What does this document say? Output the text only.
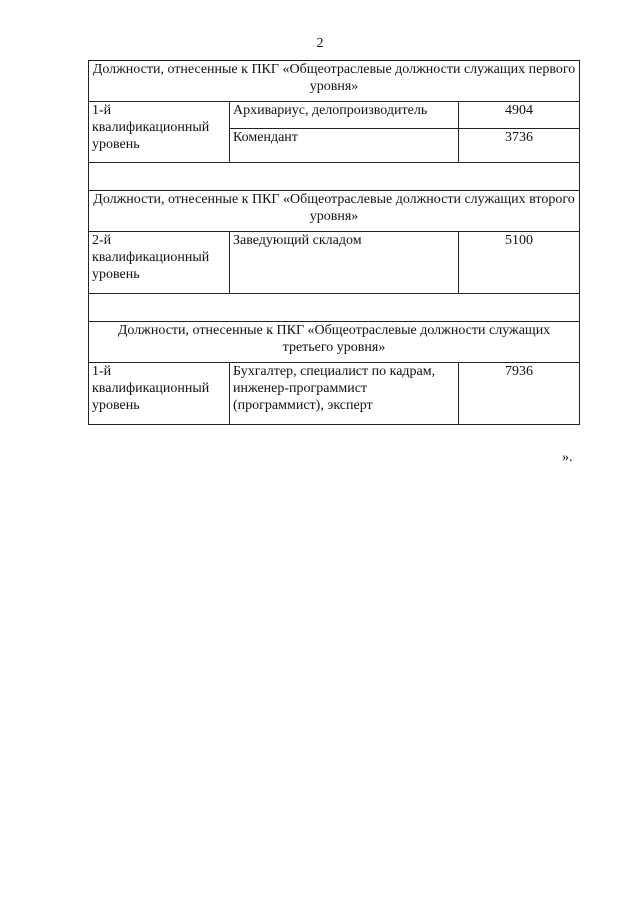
2
Должности, отнесенные к ПКГ «Общеотраслевые должности служащих первого уровня»		
1-й квалификационный уровень	Архивариус, делопроизводитель	4904
	Комендант	3736

Должности, отнесенные к ПКГ «Общеотраслевые должности служащих второго уровня»		
2-й квалификационный уровень	Заведующий складом	5100

Должности, отнесенные к ПКГ «Общеотраслевые должности служащих третьего уровня»		
1-й квалификационный уровень	Бухгалтер, специалист по кадрам, инженер-программист (программист), эксперт	7936
».
